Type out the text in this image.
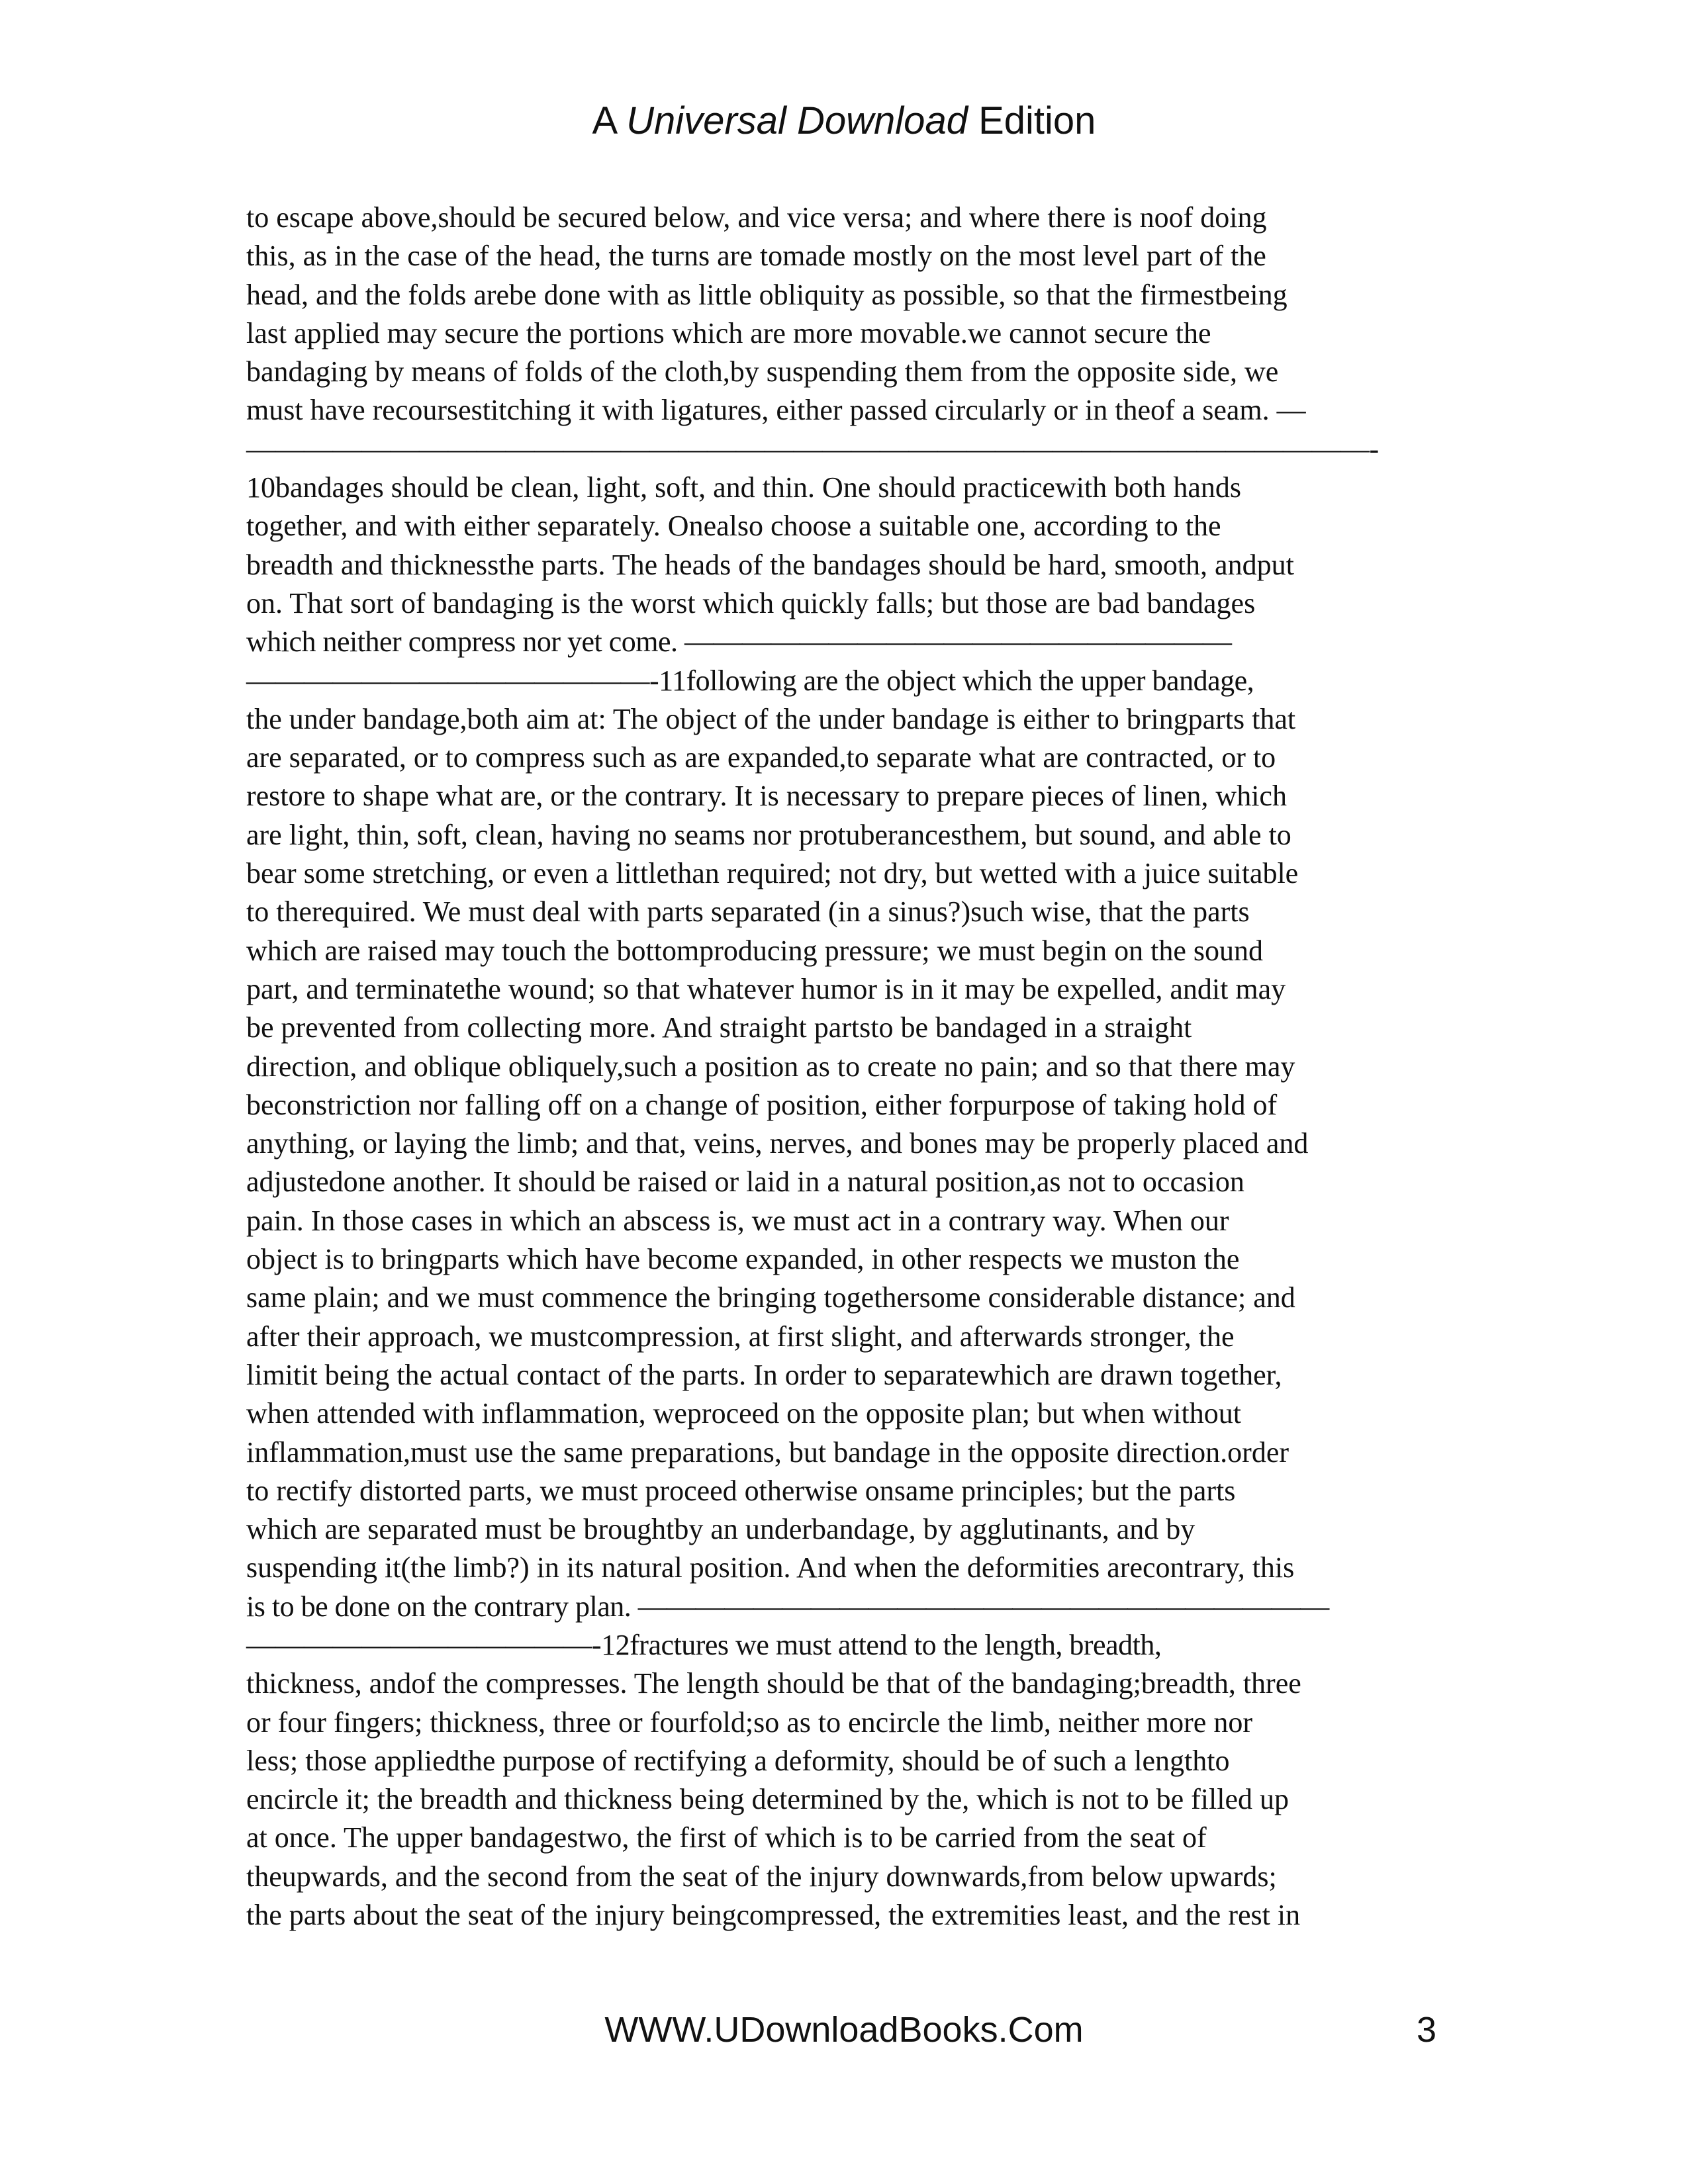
A Universal Download Edition
to escape above,should be secured below, and vice versa; and where there is noof doing
this, as in the case of the head, the turns are tomade mostly on the most level part of the
head, and the folds arebe done with as little obliquity as possible, so that the firmestbeing
last applied may secure the portions which are more movable.we cannot secure the
bandaging by means of folds of the cloth,by suspending them from the opposite side, we
must have recoursestitching it with ligatures, either passed circularly or in theof a seam. —
———————————————————————————————————————-
10bandages should be clean, light, soft, and thin. One should practicewith both hands
together, and with either separately. Onealso choose a suitable one, according to the
breadth and thicknessthe parts. The heads of the bandages should be hard, smooth, andput
on. That sort of bandaging is the worst which quickly falls; but those are bad bandages
which neither compress nor yet come. ———————————————————
——————————————-11following are the object which the upper bandage,
the under bandage,both aim at: The object of the under bandage is either to bringparts that
are separated, or to compress such as are expanded,to separate what are contracted, or to
restore to shape what are, or the contrary. It is necessary to prepare pieces of linen, which
are light, thin, soft, clean, having no seams nor protuberancesthem, but sound, and able to
bear some stretching, or even a littlethan required; not dry, but wetted with a juice suitable
to therequired. We must deal with parts separated (in a sinus?)such wise, that the parts
which are raised may touch the bottomproducing pressure; we must begin on the sound
part, and terminatethe wound; so that whatever humor is in it may be expelled, andit may
be prevented from collecting more. And straight partsto be bandaged in a straight
direction, and oblique obliquely,such a position as to create no pain; and so that there may
beconstriction nor falling off on a change of position, either forpurpose of taking hold of
anything, or laying the limb; and that, veins, nerves, and bones may be properly placed and
adjustedone another. It should be raised or laid in a natural position,as not to occasion
pain. In those cases in which an abscess is, we must act in a contrary way. When our
object is to bringparts which have become expanded, in other respects we muston the
same plain; and we must commence the bringing togethersome considerable distance; and
after their approach, we mustcompression, at first slight, and afterwards stronger, the
limitit being the actual contact of the parts. In order to separatewhich are drawn together,
when attended with inflammation, weproceed on the opposite plan; but when without
inflammation,must use the same preparations, but bandage in the opposite direction.order
to rectify distorted parts, we must proceed otherwise onsame principles; but the parts
which are separated must be broughtby an underbandage, by agglutinants, and by
suspending it(the limb?) in its natural position. And when the deformities arecontrary, this
is to be done on the contrary plan. ————————————————————————
————————————-12fractures we must attend to the length, breadth,
thickness, andof the compresses. The length should be that of the bandaging;breadth, three
or four fingers; thickness, three or fourfold;so as to encircle the limb, neither more nor
less; those appliedthe purpose of rectifying a deformity, should be of such a lengthto
encircle it; the breadth and thickness being determined by the, which is not to be filled up
at once. The upper bandagestwo, the first of which is to be carried from the seat of
theupwards, and the second from the seat of the injury downwards,from below upwards;
the parts about the seat of the injury beingcompressed, the extremities least, and the rest in
WWW.UDownloadBooks.Com	3
